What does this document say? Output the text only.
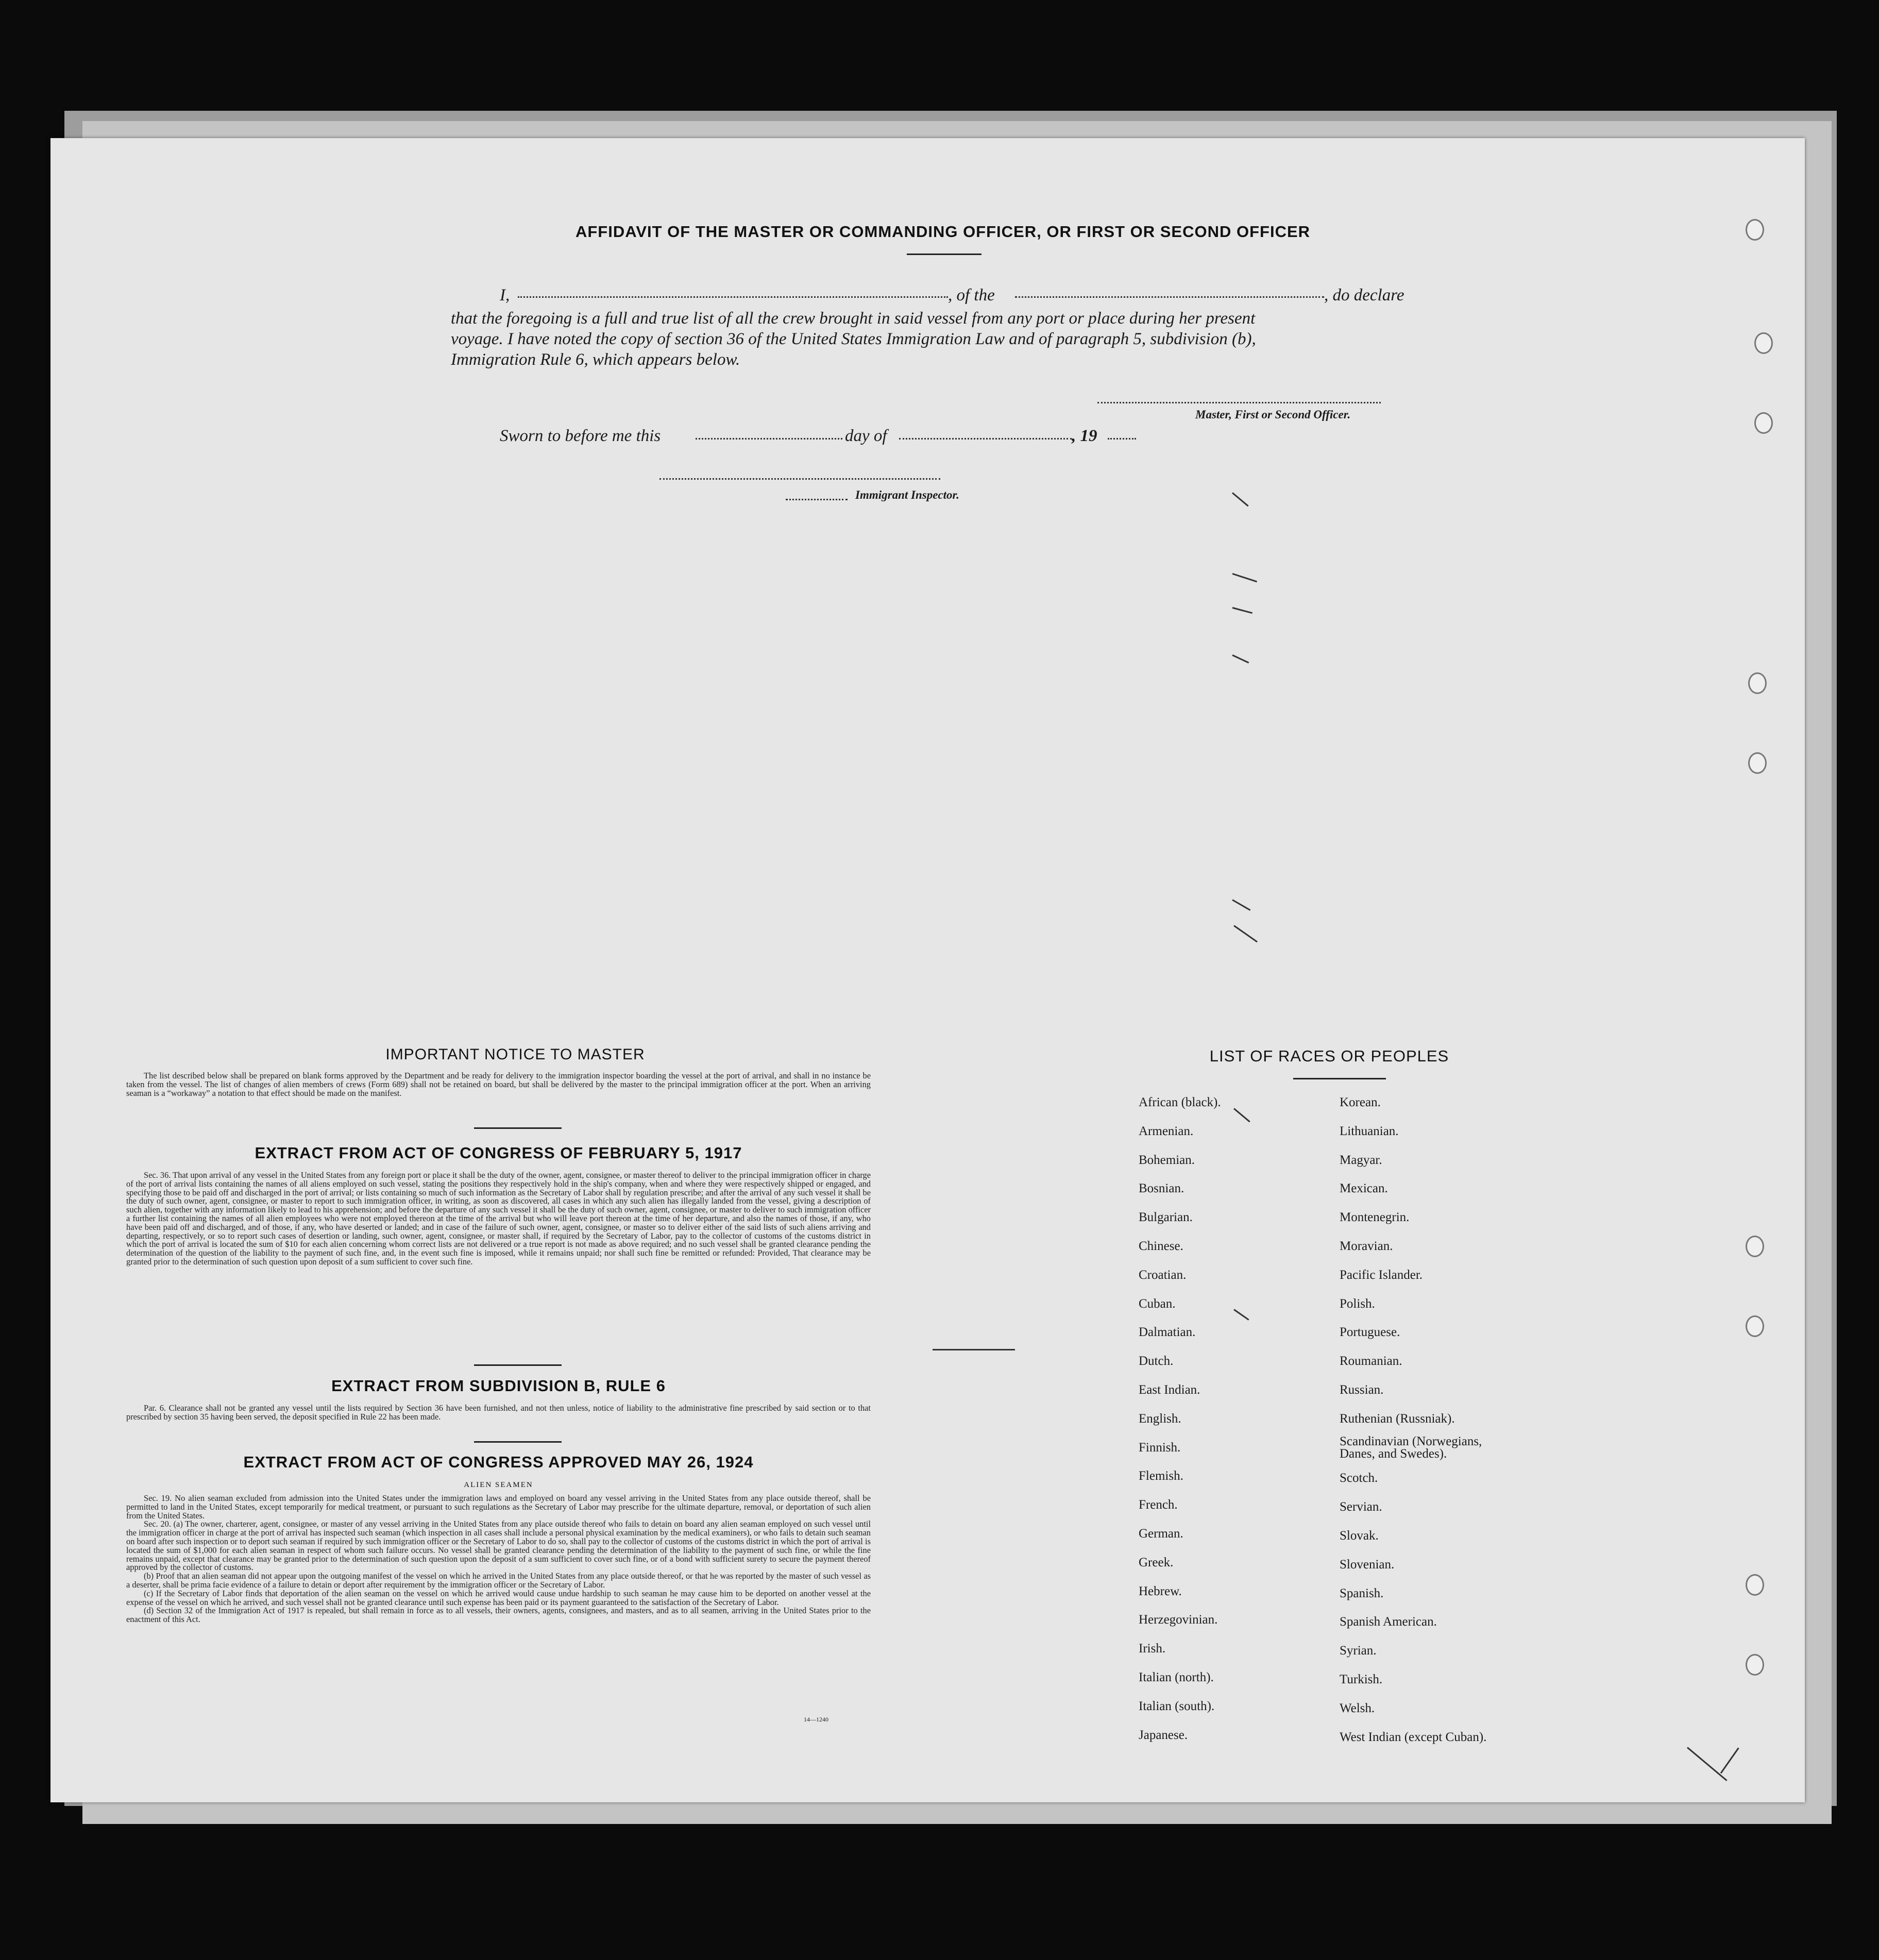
AFFIDAVIT OF THE MASTER OR COMMANDING OFFICER, OR FIRST OR SECOND OFFICER
I,	, of the	, do declare
that the foregoing is a full and true list of all the crew brought in said vessel from any port or place during her present
voyage. I have noted the copy of section 36 of the United States Immigration Law and of paragraph 5, subdivision (b),
Immigration Rule 6, which appears below.
Master, First or Second Officer.
Sworn to before me this	day of	, 19
Immigrant Inspector.
IMPORTANT NOTICE TO MASTER

The list described below shall be prepared on blank forms approved by the Department and be ready for delivery to the immigration inspector boarding the vessel at the port of arrival, and shall in no instance be taken from the vessel. The list of changes of alien members of crews (Form 689) shall not be retained on board, but shall be delivered by the master to the principal immigration officer at the port. When an arriving seaman is a “workaway” a notation to that effect should be made on the manifest.

EXTRACT FROM ACT OF CONGRESS OF FEBRUARY 5, 1917

Sec. 36. That upon arrival of any vessel in the United States from any foreign port or place it shall be the duty of the owner, agent, consignee, or master thereof to deliver to the principal immigration officer in charge of the port of arrival lists containing the names of all aliens employed on such vessel, stating the positions they respectively hold in the ship's company, when and where they were respectively shipped or engaged, and specifying those to be paid off and discharged in the port of arrival; or lists containing so much of such information as the Secretary of Labor shall by regulation prescribe; and after the arrival of any such vessel it shall be the duty of such owner, agent, consignee, or master to report to such immigration officer, in writing, as soon as discovered, all cases in which any such alien has illegally landed from the vessel, giving a description of such alien, together with any information likely to lead to his apprehension; and before the departure of any such vessel it shall be the duty of such owner, agent, consignee, or master to deliver to such immigration officer a further list containing the names of all alien employees who were not employed thereon at the time of the arrival but who will leave port thereon at the time of her departure, and also the names of those, if any, who have been paid off and discharged, and of those, if any, who have deserted or landed; and in case of the failure of such owner, agent, consignee, or master so to deliver either of the said lists of such aliens arriving and departing, respectively, or so to report such cases of desertion or landing, such owner, agent, consignee, or master shall, if required by the Secretary of Labor, pay to the collector of customs of the customs district in which the port of arrival is located the sum of $10 for each alien concerning whom correct lists are not delivered or a true report is not made as above required; and no such vessel shall be granted clearance pending the determination of the question of the liability to the payment of such fine, and, in the event such fine is imposed, while it remains unpaid; nor shall such fine be remitted or refunded: Provided, That clearance may be granted prior to the determination of such question upon deposit of a sum sufficient to cover such fine.

EXTRACT FROM SUBDIVISION B, RULE 6

Par. 6. Clearance shall not be granted any vessel until the lists required by Section 36 have been furnished, and not then unless, notice of liability to the administrative fine prescribed by said section or to that prescribed by section 35 having been served, the deposit specified in Rule 22 has been made.

EXTRACT FROM ACT OF CONGRESS APPROVED MAY 26, 1924
ALIEN SEAMEN

Sec. 19. No alien seaman excluded from admission into the United States under the immigration laws and employed on board any vessel arriving in the United States from any place outside thereof, shall be permitted to land in the United States, except temporarily for medical treatment, or pursuant to such regulations as the Secretary of Labor may prescribe for the ultimate departure, removal, or deportation of such alien from the United States.

Sec. 20. (a) The owner, charterer, agent, consignee, or master of any vessel arriving in the United States from any place outside thereof who fails to detain on board any alien seaman employed on such vessel until the immigration officer in charge at the port of arrival has inspected such seaman (which inspection in all cases shall include a personal physical examination by the medical examiners), or who fails to detain such seaman on board after such inspection or to deport such seaman if required by such immigration officer or the Secretary of Labor to do so, shall pay to the collector of customs of the customs district in which the port of arrival is located the sum of $1,000 for each alien seaman in respect of whom such failure occurs. No vessel shall be granted clearance pending the determination of the liability to the payment of such fine, or while the fine remains unpaid, except that clearance may be granted prior to the determination of such question upon the deposit of a sum sufficient to cover such fine, or of a bond with sufficient surety to secure the payment thereof approved by the collector of customs.

(b) Proof that an alien seaman did not appear upon the outgoing manifest of the vessel on which he arrived in the United States from any place outside thereof, or that he was reported by the master of such vessel as a deserter, shall be prima facie evidence of a failure to detain or deport after requirement by the immigration officer or the Secretary of Labor.

(c) If the Secretary of Labor finds that deportation of the alien seaman on the vessel on which he arrived would cause undue hardship to such seaman he may cause him to be deported on another vessel at the expense of the vessel on which he arrived, and such vessel shall not be granted clearance until such expense has been paid or its payment guaranteed to the satisfaction of the Secretary of Labor.

(d) Section 32 of the Immigration Act of 1917 is repealed, but shall remain in force as to all vessels, their owners, agents, consignees, and masters, and as to all seamen, arriving in the United States prior to the enactment of this Act.

14—1240
LIST OF RACES OR PEOPLES
African (black).
Armenian.
Bohemian.
Bosnian.
Bulgarian.
Chinese.
Croatian.
Cuban.
Dalmatian.
Dutch.
East Indian.
English.
Finnish.
Flemish.
French.
German.
Greek.
Hebrew.
Herzegovinian.
Irish.
Italian (north).
Italian (south).
Japanese.
Korean.
Lithuanian.
Magyar.
Mexican.
Montenegrin.
Moravian.
Pacific Islander.
Polish.
Portuguese.
Roumanian.
Russian.
Ruthenian (Russniak).
Scandinavian (Norwegians, Danes, and Swedes).
Scotch.
Servian.
Slovak.
Slovenian.
Spanish.
Spanish American.
Syrian.
Turkish.
Welsh.
West Indian (except Cuban).
